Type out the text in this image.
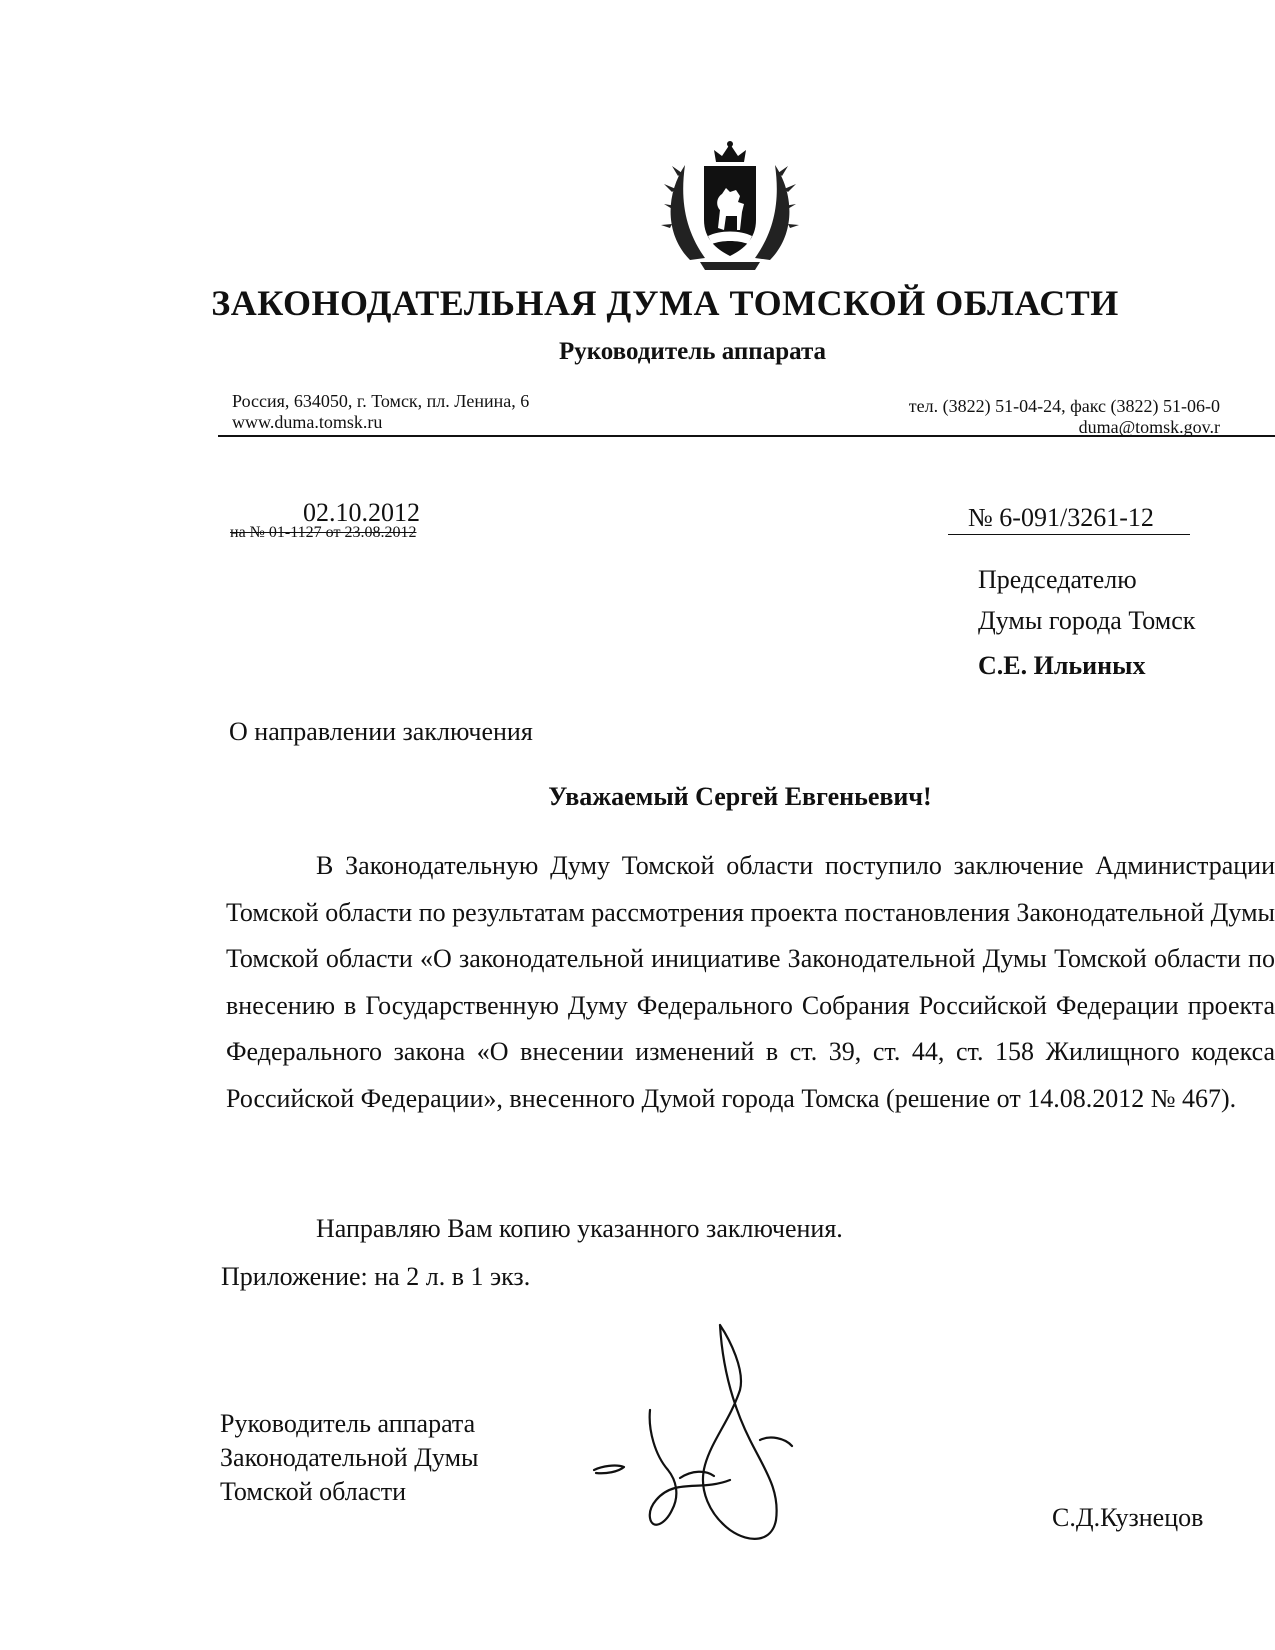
ЗАКОНОДАТЕЛЬНАЯ ДУМА ТОМСКОЙ ОБЛАСТИ
Руководитель аппарата
Россия, 634050, г. Томск, пл. Ленина, 6
www.duma.tomsk.ru
тел. (3822) 51-04-24, факс (3822) 51-06-0
duma@tomsk.gov.r
02.10.2012
на № 01-1127 от 23.08.2012
№ 6-091/3261-12
Председателю
Думы города Томск
С.Е. Ильиных
О направлении заключения
Уважаемый Сергей Евгеньевич!
В Законодательную Думу Томской области поступило заключение Администрации Томской области по результатам рассмотрения проекта постановления Законодательной Думы Томской области «О законодательной инициативе Законодательной Думы Томской области по внесению в Государственную Думу Федерального Собрания Российской Федерации проекта Федерального закона «О внесении изменений в ст. 39, ст. 44, ст. 158 Жилищного кодекса Российской Федерации», внесенного Думой города Томска (решение от 14.08.2012 № 467).
Направляю Вам копию указанного заключения.
Приложение: на 2 л. в 1 экз.
Руководитель аппарата
Законодательной Думы
Томской области
С.Д.Кузнецов
